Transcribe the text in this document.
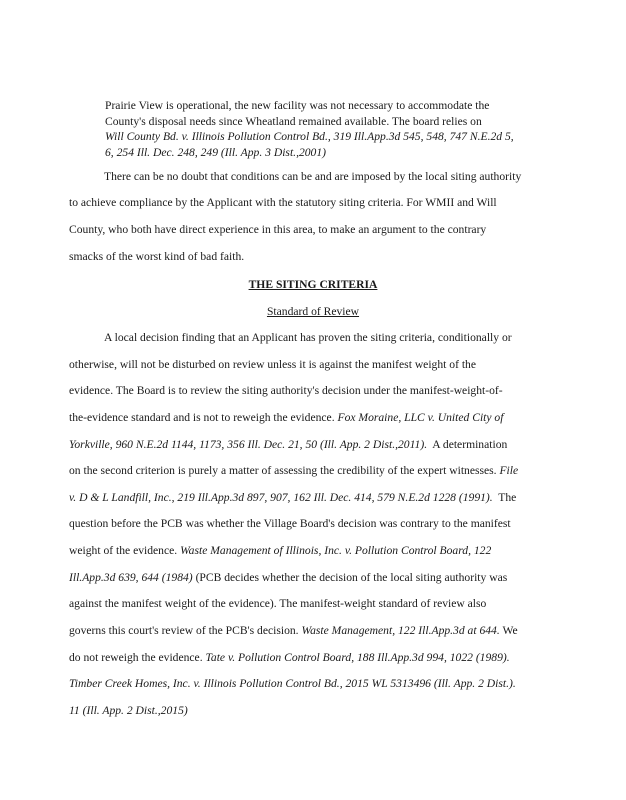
Prairie View is operational, the new facility was not necessary to accommodate the
County's disposal needs since Wheatland remained available. The board relies on
Will County Bd. v. Illinois Pollution Control Bd., 319 Ill.App.3d 545, 548, 747 N.E.2d 5,
6, 254 Ill. Dec. 248, 249 (Ill. App. 3 Dist.,2001)
There can be no doubt that conditions can be and are imposed by the local siting authority
to achieve compliance by the Applicant with the statutory siting criteria. For WMII and Will
County, who both have direct experience in this area, to make an argument to the contrary
smacks of the worst kind of bad faith.
THE SITING CRITERIA
Standard of Review
A local decision finding that an Applicant has proven the siting criteria, conditionally or
otherwise, will not be disturbed on review unless it is against the manifest weight of the
evidence. The Board is to review the siting authority's decision under the manifest-weight-of-
the-evidence standard and is not to reweigh the evidence. Fox Moraine, LLC v. United City of
Yorkville, 960 N.E.2d 1144, 1173, 356 Ill. Dec. 21, 50 (Ill. App. 2 Dist.,2011). A determination
on the second criterion is purely a matter of assessing the credibility of the expert witnesses. File
v. D & L Landfill, Inc., 219 Ill.App.3d 897, 907, 162 Ill. Dec. 414, 579 N.E.2d 1228 (1991). The
question before the PCB was whether the Village Board's decision was contrary to the manifest
weight of the evidence. Waste Management of Illinois, Inc. v. Pollution Control Board, 122
Ill.App.3d 639, 644 (1984) (PCB decides whether the decision of the local siting authority was
against the manifest weight of the evidence). The manifest-weight standard of review also
governs this court's review of the PCB's decision. Waste Management, 122 Ill.App.3d at 644. We
do not reweigh the evidence. Tate v. Pollution Control Board, 188 Ill.App.3d 994, 1022 (1989).
Timber Creek Homes, Inc. v. Illinois Pollution Control Bd., 2015 WL 5313496 (Ill. App. 2 Dist.).
11 (Ill. App. 2 Dist.,2015)
